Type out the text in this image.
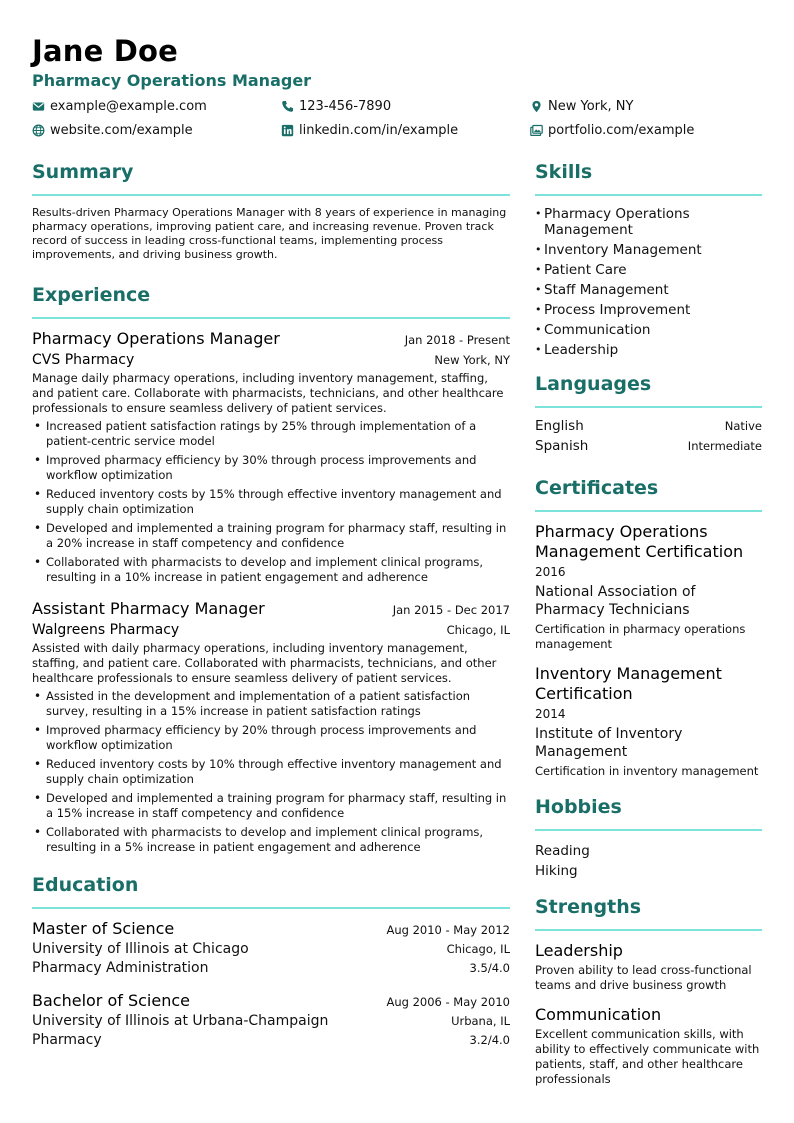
Jane Doe
Pharmacy Operations Manager
example@example.com	123-456-7890	New York, NY
website.com/example	linkedin.com/in/example	portfolio.com/example
Summary
Results-driven Pharmacy Operations Manager with 8 years of experience in managing pharmacy operations, improving patient care, and increasing revenue. Proven track record of success in leading cross-functional teams, implementing process improvements, and driving business growth.
Experience
Pharmacy Operations Manager	Jan 2018 - Present
CVS Pharmacy	New York, NY
Manage daily pharmacy operations, including inventory management, staffing, and patient care. Collaborate with pharmacists, technicians, and other healthcare professionals to ensure seamless delivery of patient services.
• Increased patient satisfaction ratings by 25% through implementation of a patient-centric service model
• Improved pharmacy efficiency by 30% through process improvements and workflow optimization
• Reduced inventory costs by 15% through effective inventory management and supply chain optimization
• Developed and implemented a training program for pharmacy staff, resulting in a 20% increase in staff competency and confidence
• Collaborated with pharmacists to develop and implement clinical programs, resulting in a 10% increase in patient engagement and adherence
Assistant Pharmacy Manager	Jan 2015 - Dec 2017
Walgreens Pharmacy	Chicago, IL
Assisted with daily pharmacy operations, including inventory management, staffing, and patient care. Collaborated with pharmacists, technicians, and other healthcare professionals to ensure seamless delivery of patient services.
• Assisted in the development and implementation of a patient satisfaction survey, resulting in a 15% increase in patient satisfaction ratings
• Improved pharmacy efficiency by 20% through process improvements and workflow optimization
• Reduced inventory costs by 10% through effective inventory management and supply chain optimization
• Developed and implemented a training program for pharmacy staff, resulting in a 15% increase in staff competency and confidence
• Collaborated with pharmacists to develop and implement clinical programs, resulting in a 5% increase in patient engagement and adherence
Education
Master of Science	Aug 2010 - May 2012
University of Illinois at Chicago	Chicago, IL
Pharmacy Administration	3.5/4.0
Bachelor of Science	Aug 2006 - May 2010
University of Illinois at Urbana-Champaign	Urbana, IL
Pharmacy	3.2/4.0
Skills
• Pharmacy Operations Management
• Inventory Management
• Patient Care
• Staff Management
• Process Improvement
• Communication
• Leadership
Languages
English	Native
Spanish	Intermediate
Certificates
Pharmacy Operations Management Certification
2016
National Association of Pharmacy Technicians
Certification in pharmacy operations management
Inventory Management Certification
2014
Institute of Inventory Management
Certification in inventory management
Hobbies
Reading
Hiking
Strengths
Leadership
Proven ability to lead cross-functional teams and drive business growth
Communication
Excellent communication skills, with ability to effectively communicate with patients, staff, and other healthcare professionals
